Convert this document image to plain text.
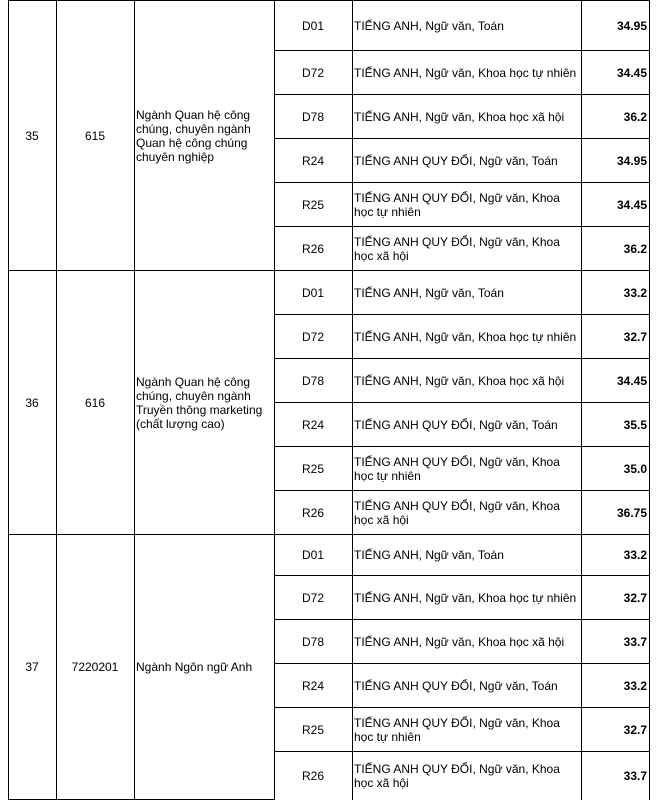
35	615	Ngành Quan hệ công chúng, chuyên ngành Quan hệ công chúng chuyên nghiệp	D01	TIẾNG ANH, Ngữ văn, Toán	34.95
			D72	TIẾNG ANH, Ngữ văn, Khoa học tự nhiên	34.45
			D78	TIẾNG ANH, Ngữ văn, Khoa học xã hội	36.2
			R24	TIẾNG ANH QUY ĐỔI, Ngữ văn, Toán	34.95
			R25	TIẾNG ANH QUY ĐỔI, Ngữ văn, Khoa học tự nhiên	34.45
			R26	TIẾNG ANH QUY ĐỔI, Ngữ văn, Khoa học xã hội	36.2
36	616	Ngành Quan hệ công chúng, chuyên ngành Truyền thông marketing (chất lượng cao)	D01	TIẾNG ANH, Ngữ văn, Toán	33.2
			D72	TIẾNG ANH, Ngữ văn, Khoa học tự nhiên	32.7
			D78	TIẾNG ANH, Ngữ văn, Khoa học xã hội	34.45
			R24	TIẾNG ANH QUY ĐỔI, Ngữ văn, Toán	35.5
			R25	TIẾNG ANH QUY ĐỔI, Ngữ văn, Khoa học tự nhiên	35.0
			R26	TIẾNG ANH QUY ĐỔI, Ngữ văn, Khoa học xã hội	36.75
37	7220201	Ngành Ngôn ngữ Anh	D01	TIẾNG ANH, Ngữ văn, Toán	33.2
			D72	TIẾNG ANH, Ngữ văn, Khoa học tự nhiên	32.7
			D78	TIẾNG ANH, Ngữ văn, Khoa học xã hội	33.7
			R24	TIẾNG ANH QUY ĐỔI, Ngữ văn, Toán	33.2
			R25	TIẾNG ANH QUY ĐỔI, Ngữ văn, Khoa học tự nhiên	32.7
			R26	TIẾNG ANH QUY ĐỔI, Ngữ văn, Khoa học xã hội	33.7
